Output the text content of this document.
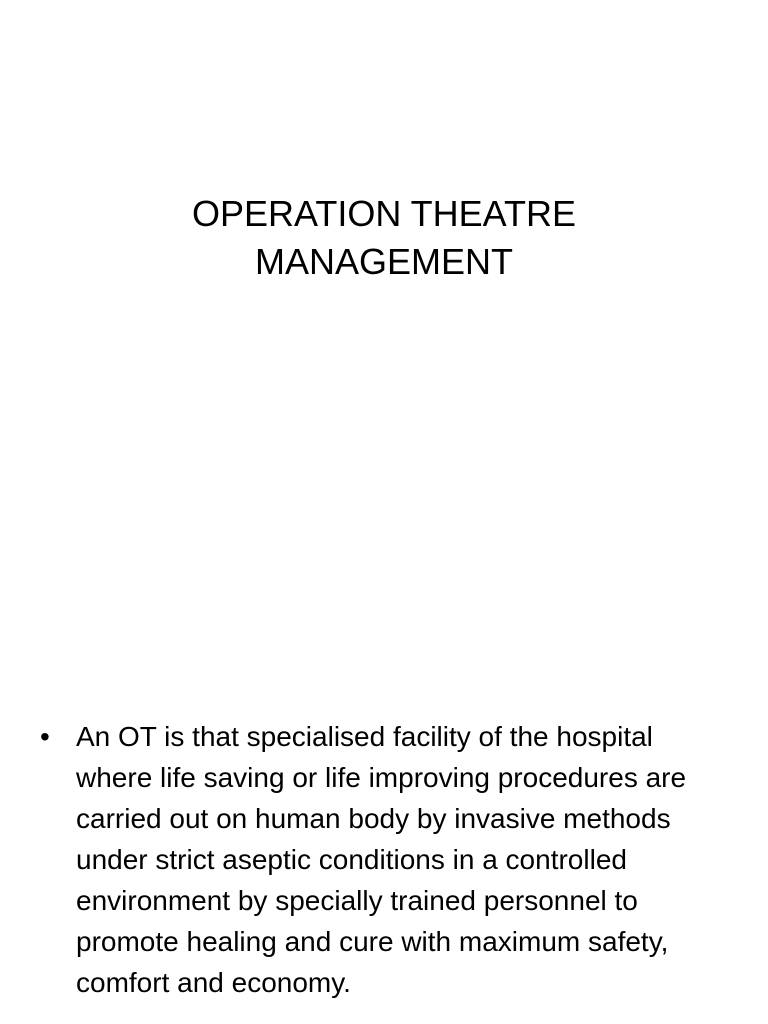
OPERATION THEATRE
MANAGEMENT
• An OT is that specialised facility of the hospital where life saving or life improving procedures are carried out on human body by invasive methods under strict aseptic conditions in a controlled environment by specially trained personnel to promote healing and cure with maximum safety, comfort and economy.
